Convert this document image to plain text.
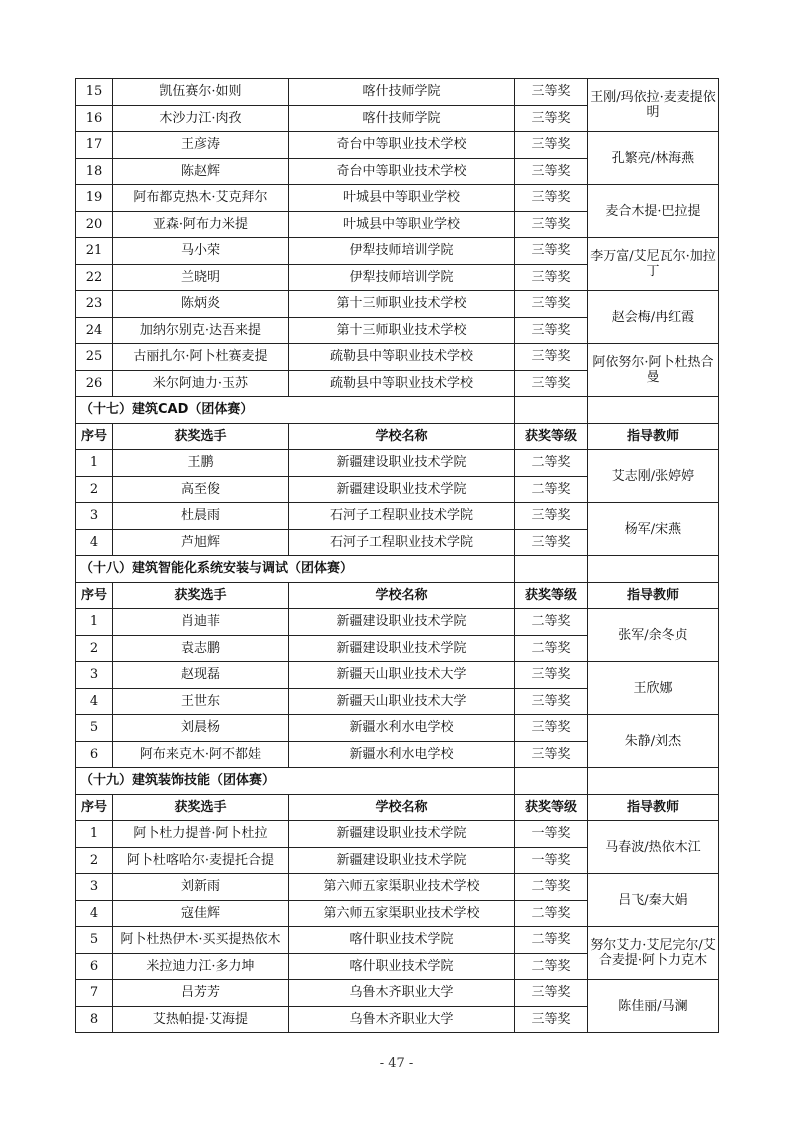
15	凯伍赛尔·如则	喀什技师学院	三等奖	王刚/玛依拉·麦麦提依明
16	木沙力江·肉孜	喀什技师学院	三等奖	
17	王彦涛	奇台中等职业技术学校	三等奖	孔繁亮/林海燕
18	陈赵辉	奇台中等职业技术学校	三等奖	
19	阿布都克热木·艾克拜尔	叶城县中等职业学校	三等奖	麦合木提·巴拉提
20	亚森·阿布力米提	叶城县中等职业学校	三等奖	
21	马小荣	伊犁技师培训学院	三等奖	李万富/艾尼瓦尔·加拉丁
22	兰晓明	伊犁技师培训学院	三等奖	
23	陈炳炎	第十三师职业技术学校	三等奖	赵会梅/冉红霞
24	加纳尔别克·达吾来提	第十三师职业技术学校	三等奖	
25	古丽扎尔·阿卜杜赛麦提	疏勒县中等职业技术学校	三等奖	阿依努尔·阿卜杜热合曼
26	米尔阿迪力·玉苏	疏勒县中等职业技术学校	三等奖	
（十七）建筑CAD（团体赛）				
序号	获奖选手	学校名称	获奖等级	指导教师
1	王鹏	新疆建设职业技术学院	二等奖	艾志刚/张婷婷
2	高至俊	新疆建设职业技术学院	二等奖	
3	杜晨雨	石河子工程职业技术学院	三等奖	杨军/宋燕
4	芦旭辉	石河子工程职业技术学院	三等奖	
（十八）建筑智能化系统安装与调试（团体赛）				
序号	获奖选手	学校名称	获奖等级	指导教师
1	肖迪菲	新疆建设职业技术学院	二等奖	张军/余冬贞
2	袁志鹏	新疆建设职业技术学院	二等奖	
3	赵现磊	新疆天山职业技术大学	三等奖	王欣娜
4	王世东	新疆天山职业技术大学	三等奖	
5	刘晨杨	新疆水利水电学校	三等奖	朱静/刘杰
6	阿布来克木·阿不都娃	新疆水利水电学校	三等奖	
（十九）建筑装饰技能（团体赛）				
序号	获奖选手	学校名称	获奖等级	指导教师
1	阿卜杜力提普·阿卜杜拉	新疆建设职业技术学院	一等奖	马春波/热依木江
2	阿卜杜喀哈尔·麦提托合提	新疆建设职业技术学院	一等奖	
3	刘新雨	第六师五家渠职业技术学校	二等奖	吕飞/秦大娟
4	寇佳辉	第六师五家渠职业技术学校	二等奖	
5	阿卜杜热伊木·买买提热依木	喀什职业技术学院	二等奖	努尔艾力·艾尼完尔/艾合麦提·阿卜力克木
6	米拉迪力江·多力坤	喀什职业技术学院	二等奖	
7	吕芳芳	乌鲁木齐职业大学	三等奖	陈佳丽/马澜
8	艾热帕提·艾海提	乌鲁木齐职业大学	三等奖	
- 47 -
